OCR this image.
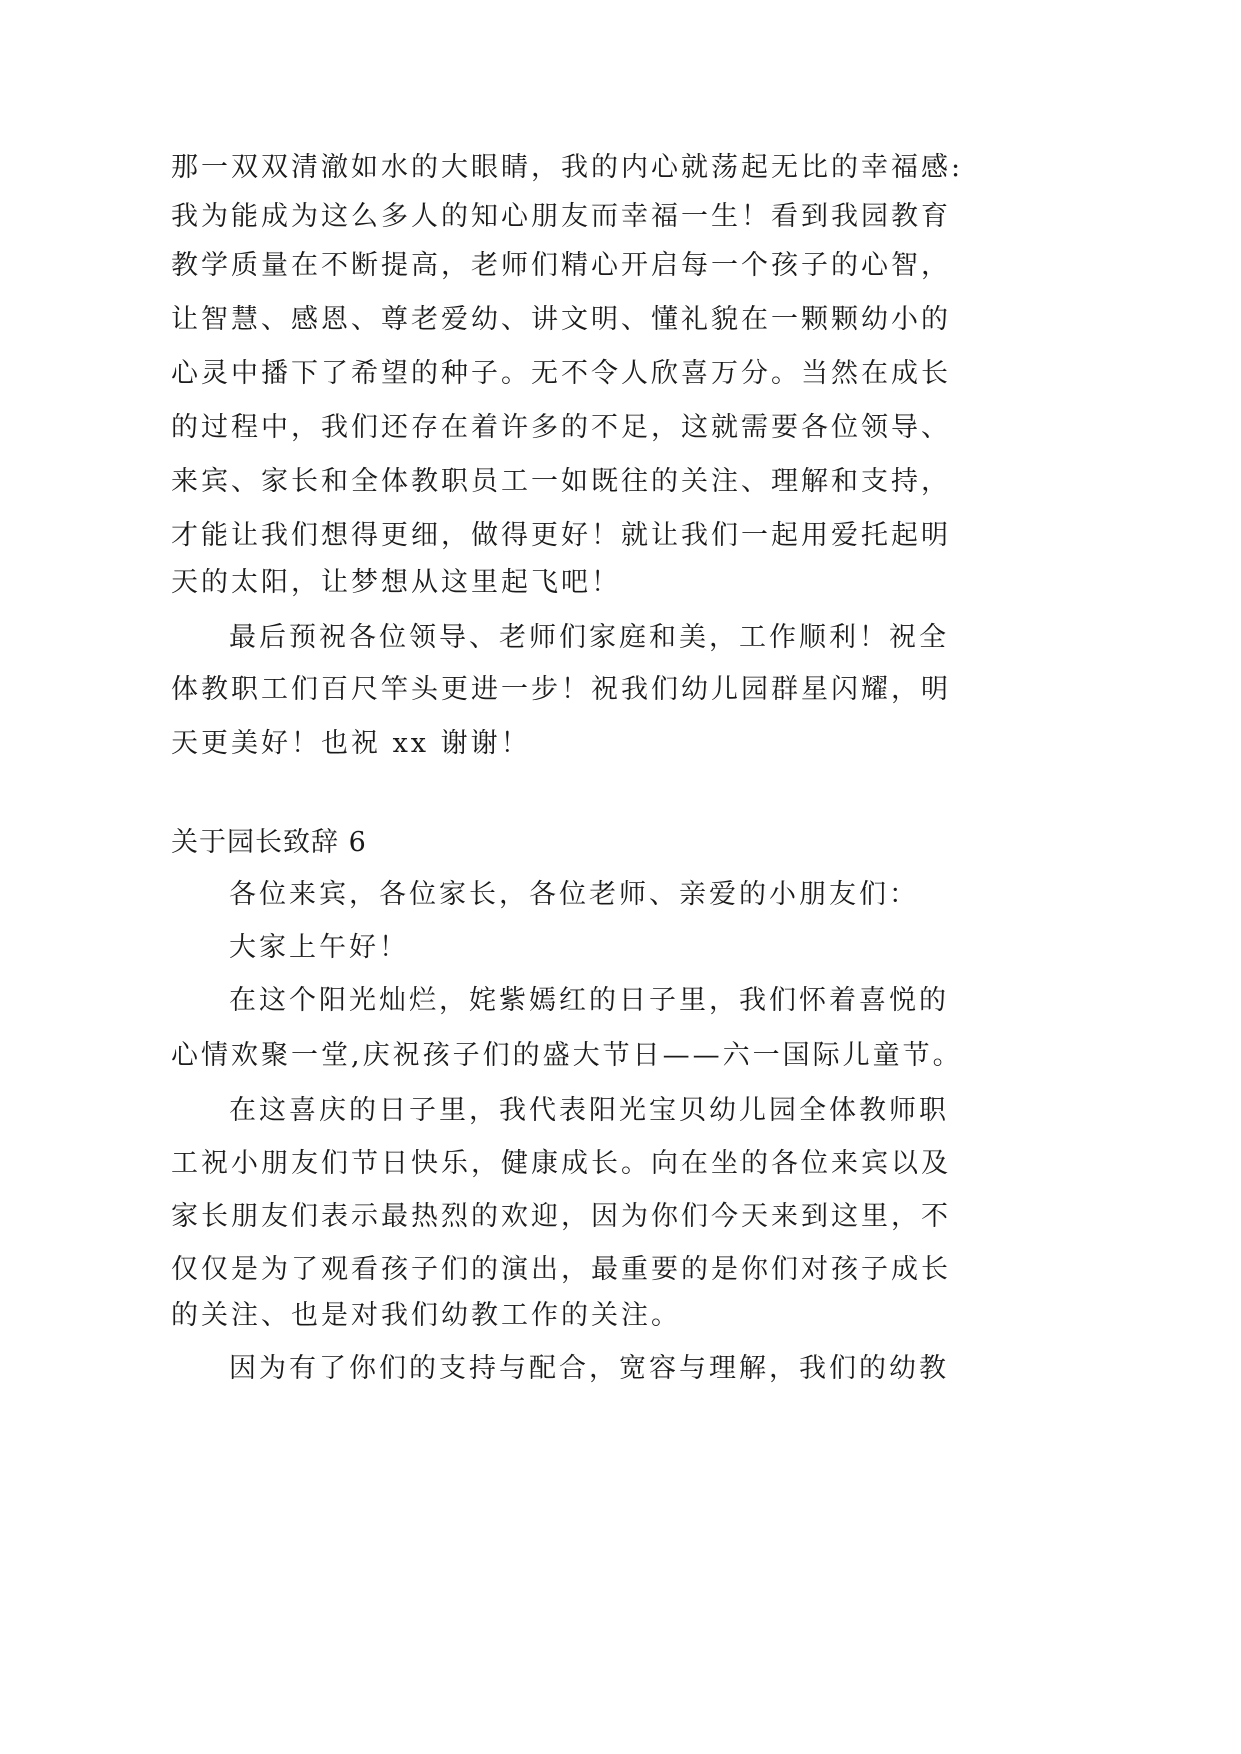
那一双双清澈如水的大眼睛，我的内心就荡起无比的幸福感:
我为能成为这么多人的知心朋友而幸福一生！看到我园教育
教学质量在不断提高，老师们精心开启每一个孩子的心智，
让智慧、感恩、尊老爱幼、讲文明、懂礼貌在一颗颗幼小的
心灵中播下了希望的种子。无不令人欣喜万分。当然在成长
的过程中，我们还存在着许多的不足，这就需要各位领导、
来宾、家长和全体教职员工一如既往的关注、理解和支持，
才能让我们想得更细，做得更好！就让我们一起用爱托起明
天的太阳，让梦想从这里起飞吧！
最后预祝各位领导、老师们家庭和美，工作顺利！祝全
体教职工们百尺竿头更进一步！祝我们幼儿园群星闪耀，明
天更美好！也祝 xx 谢谢！
关于园长致辞 6
各位来宾，各位家长，各位老师、亲爱的小朋友们：
大家上午好！
在这个阳光灿烂，姹紫嫣红的日子里，我们怀着喜悦的
心情欢聚一堂,庆祝孩子们的盛大节日——六一国际儿童节。
在这喜庆的日子里，我代表阳光宝贝幼儿园全体教师职
工祝小朋友们节日快乐，健康成长。向在坐的各位来宾以及
家长朋友们表示最热烈的欢迎，因为你们今天来到这里，不
仅仅是为了观看孩子们的演出，最重要的是你们对孩子成长
的关注、也是对我们幼教工作的关注。
因为有了你们的支持与配合，宽容与理解，我们的幼教
